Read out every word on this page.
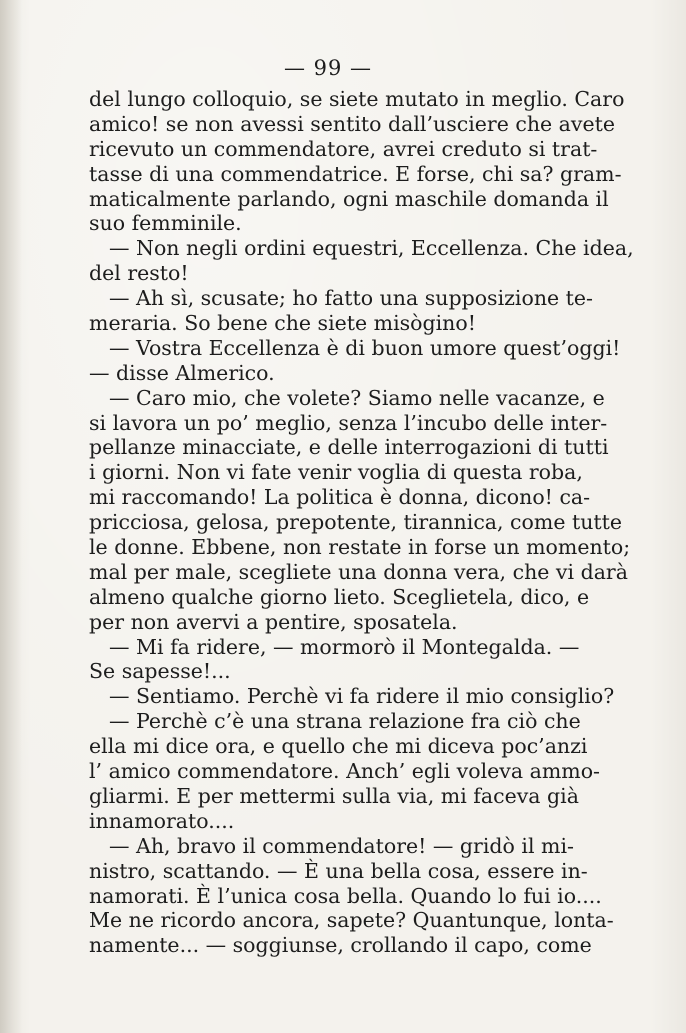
— 99 —
del lungo colloquio, se siete mutato in meglio. Caro
amico! se non avessi sentito dall’usciere che avete
ricevuto un commendatore, avrei creduto si trat-
tasse di una commendatrice. E forse, chi sa? gram-
maticalmente parlando, ogni maschile domanda il
suo femminile.
— Non negli ordini equestri, Eccellenza. Che idea,
del resto!
— Ah sì, scusate; ho fatto una supposizione te-
meraria. So bene che siete misògino!
— Vostra Eccellenza è di buon umore quest’oggi!
— disse Almerico.
— Caro mio, che volete? Siamo nelle vacanze, e
si lavora un po’ meglio, senza l’incubo delle inter-
pellanze minacciate, e delle interrogazioni di tutti
i giorni. Non vi fate venir voglia di questa roba,
mi raccomando! La politica è donna, dicono! ca-
pricciosa, gelosa, prepotente, tirannica, come tutte
le donne. Ebbene, non restate in forse un momento;
mal per male, scegliete una donna vera, che vi darà
almeno qualche giorno lieto. Sceglietela, dico, e
per non avervi a pentire, sposatela.
— Mi fa ridere, — mormorò il Montegalda. —
Se sapesse!...
— Sentiamo. Perchè vi fa ridere il mio consiglio?
— Perchè c’è una strana relazione fra ciò che
ella mi dice ora, e quello che mi diceva poc’anzi
l’ amico commendatore. Anch’ egli voleva ammo-
gliarmi. E per mettermi sulla via, mi faceva già
innamorato....
— Ah, bravo il commendatore! — gridò il mi-
nistro, scattando. — È una bella cosa, essere in-
namorati. È l’unica cosa bella. Quando lo fui io....
Me ne ricordo ancora, sapete? Quantunque, lonta-
namente... — soggiunse, crollando il capo, come
